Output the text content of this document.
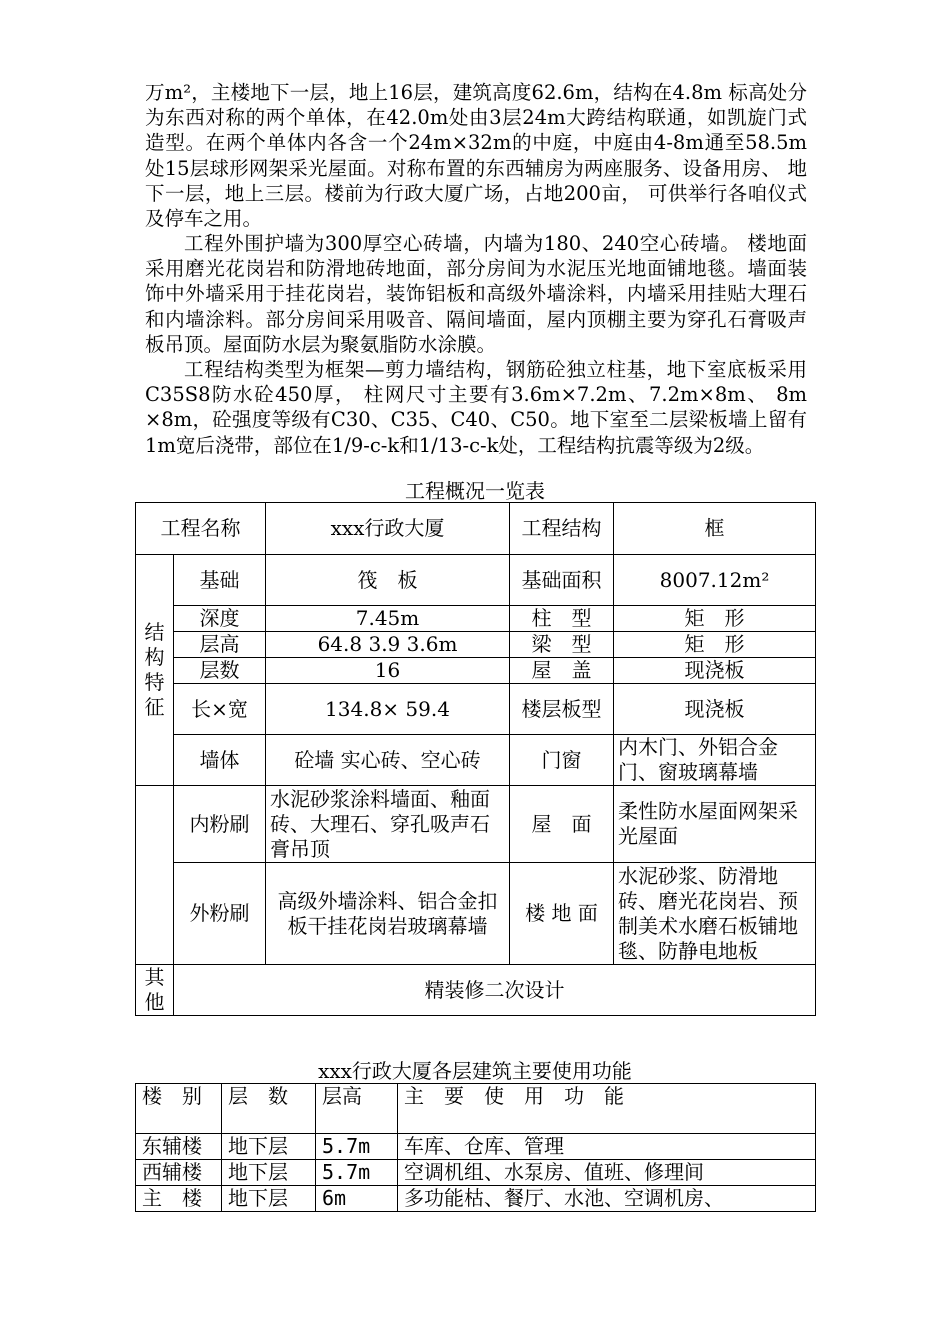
万m²，主楼地下一层，地上16层，建筑高度62.6m，结构在4.8m 标高处分为东西对称的两个单体，在42.0m处由3层24m大跨结构联通，如凯旋门式造型。在两个单体内各含一个24m×32m的中庭，中庭由4-8m通至58.5m 处15层球形网架采光屋面。对称布置的东西辅房为两座服务、设备用房、 地下一层，地上三层。楼前为行政大厦广场，占地200亩， 可供举行各咱仪式及停车之用。

工程外围护墙为300厚空心砖墙，内墙为180、240空心砖墙。 楼地面采用磨光花岗岩和防滑地砖地面，部分房间为水泥压光地面铺地毯。墙面装饰中外墙采用于挂花岗岩，装饰铝板和高级外墙涂料，内墙采用挂贴大理石和内墙涂料。部分房间采用吸音、隔间墙面，屋内顶棚主要为穿孔石膏吸声板吊顶。屋面防水层为聚氨脂防水涂膜。

工程结构类型为框架—剪力墙结构，钢筋砼独立柱基，地下室底板采用C35S8防水砼450厚， 柱网尺寸主要有3.6m×7.2m、7.2m×8m、 8m ×8m，砼强度等级有C30、C35、C40、C50。地下室至二层梁板墙上留有1m宽后浇带，部位在1/9-c-k和1/13-c-k处，工程结构抗震等级为2级。

工程概况一览表
工程名称		xxx行政大厦	工程结构	框
结构特征	基础	筏　板	基础面积	8007.12m²
	深度	7.45m	柱　型	矩　形
	层高	64.8 3.9 3.6m	梁　型	矩　形
	层数	16	屋　盖	现浇板
	长×宽	134.8× 59.4	楼层板型	现浇板
	墙体	砼墙 实心砖、空心砖	门窗	内木门、外铝合金门、窗玻璃幕墙
	内粉刷	水泥砂浆涂料墙面、釉面砖、大理石、穿孔吸声石膏吊顶	屋　面	柔性防水屋面网架采光屋面
	外粉刷	高级外墙涂料、铝合金扣板干挂花岗岩玻璃幕墙	楼 地 面	水泥砂浆、防滑地砖、磨光花岗岩、预制美术水磨石板铺地毯、防静电地板
其他	精装修二次设计			
xxx行政大厦各层建筑主要使用功能
楼　别	层　数	层高	主　要　使　用　功　能
东辅楼	地下层	5.7m	车库、仓库、管理
西辅楼	地下层	5.7m	空调机组、水泵房、值班、修理间
主　楼	地下层	6m	多功能枯、餐厅、水池、空调机房、
